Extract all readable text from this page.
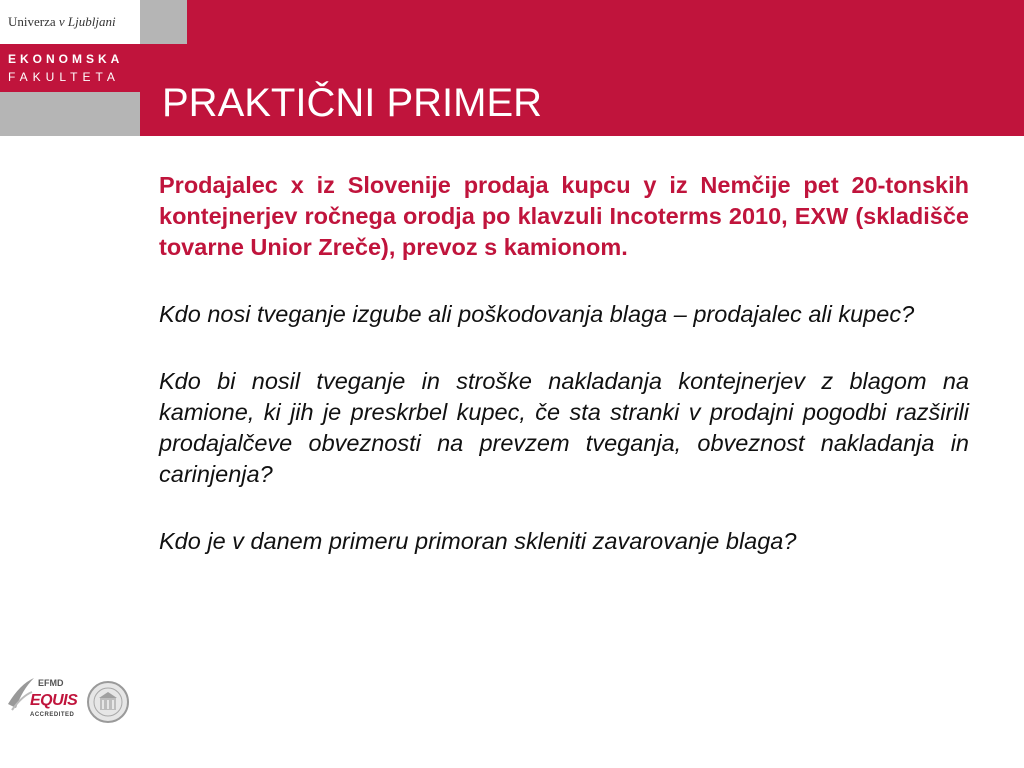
Univerza v Ljubljani
EKONOMSKA
FAKULTETA
PRAKTIČNI PRIMER

Prodajalec x iz Slovenije prodaja kupcu y iz Nemčije pet 20-tonskih kontejnerjev ročnega orodja po klavzuli Incoterms 2010, EXW (skladišče tovarne Unior Zreče), prevoz s kamionom.

Kdo nosi tveganje izgube ali poškodovanja blaga – prodajalec ali kupec?

Kdo bi nosil tveganje in stroške nakladanja kontejnerjev z blagom na kamione, ki jih je preskrbel kupec, če sta stranki v prodajni pogodbi razširili prodajalčeve obveznosti na prevzem tveganja, obveznost nakladanja in carinjenja?

Kdo je v danem primeru primoran skleniti zavarovanje blaga?

EFMD
EQUIS
ACCREDITED
